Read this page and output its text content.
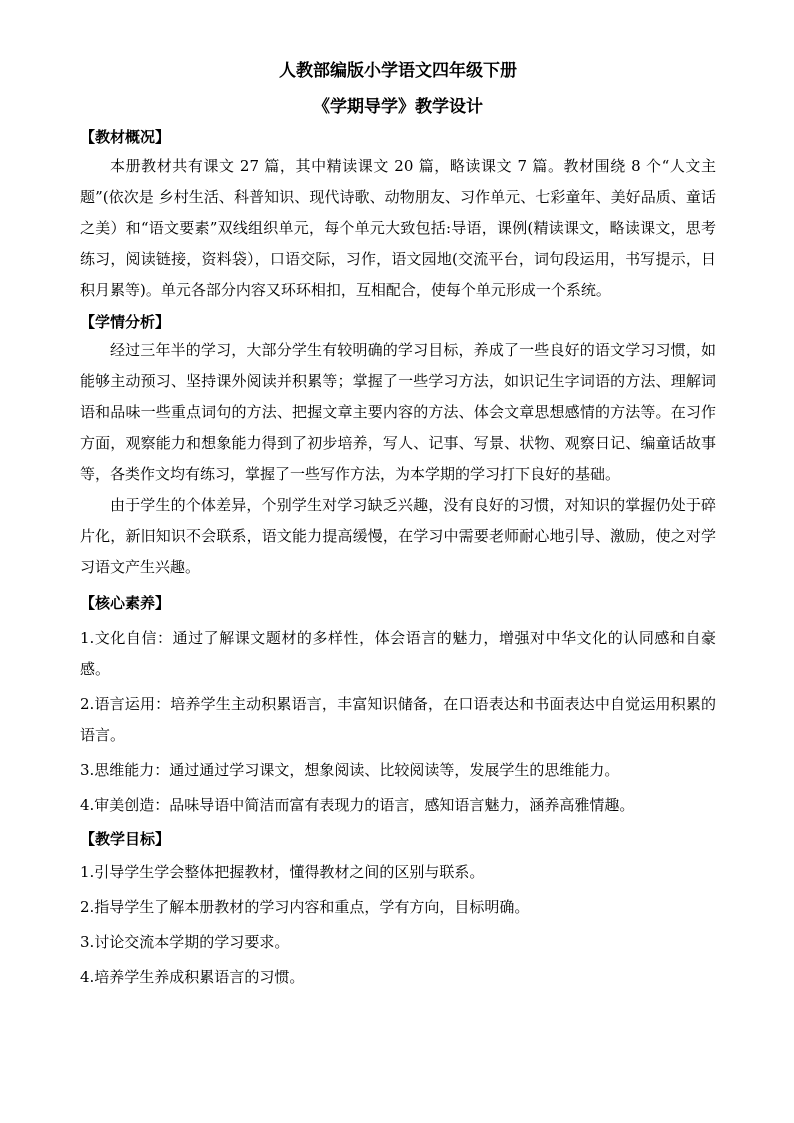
人教部编版小学语文四年级下册

《学期导学》教学设计

【教材概况】

本册教材共有课文 27 篇，其中精读课文 20 篇，略读课文 7 篇。教材围绕 8 个“人文主题”(依次是 乡村生活、科普知识、现代诗歌、动物朋友、习作单元、七彩童年、美好品质、童话之美）和“语文要素”双线组织单元，每个单元大致包括:导语，课例(精读课文，略读课文，思考练习，阅读链接，资料袋），口语交际，习作，语文园地(交流平台，词句段运用，书写提示，日积月累等)。单元各部分内容又环环相扣，互相配合，使每个单元形成一个系统。

【学情分析】

经过三年半的学习，大部分学生有较明确的学习目标，养成了一些良好的语文学习习惯，如能够主动预习、坚持课外阅读并积累等；掌握了一些学习方法，如识记生字词语的方法、理解词语和品味一些重点词句的方法、把握文章主要内容的方法、体会文章思想感情的方法等。在习作方面，观察能力和想象能力得到了初步培养，写人、记事、写景、状物、观察日记、编童话故事等，各类作文均有练习，掌握了一些写作方法，为本学期的学习打下良好的基础。

由于学生的个体差异，个别学生对学习缺乏兴趣，没有良好的习惯，对知识的掌握仍处于碎片化，新旧知识不会联系，语文能力提高缓慢，在学习中需要老师耐心地引导、激励，使之对学习语文产生兴趣。

【核心素养】

1.文化自信：通过了解课文题材的多样性，体会语言的魅力，增强对中华文化的认同感和自豪感。

2.语言运用：培养学生主动积累语言，丰富知识储备，在口语表达和书面表达中自觉运用积累的语言。

3.思维能力：通过通过学习课文，想象阅读、比较阅读等，发展学生的思维能力。

4.审美创造：品味导语中简洁而富有表现力的语言，感知语言魅力，涵养高雅情趣。

【教学目标】

1.引导学生学会整体把握教材，懂得教材之间的区别与联系。

2.指导学生了解本册教材的学习内容和重点，学有方向，目标明确。

3.讨论交流本学期的学习要求。

4.培养学生养成积累语言的习惯。
